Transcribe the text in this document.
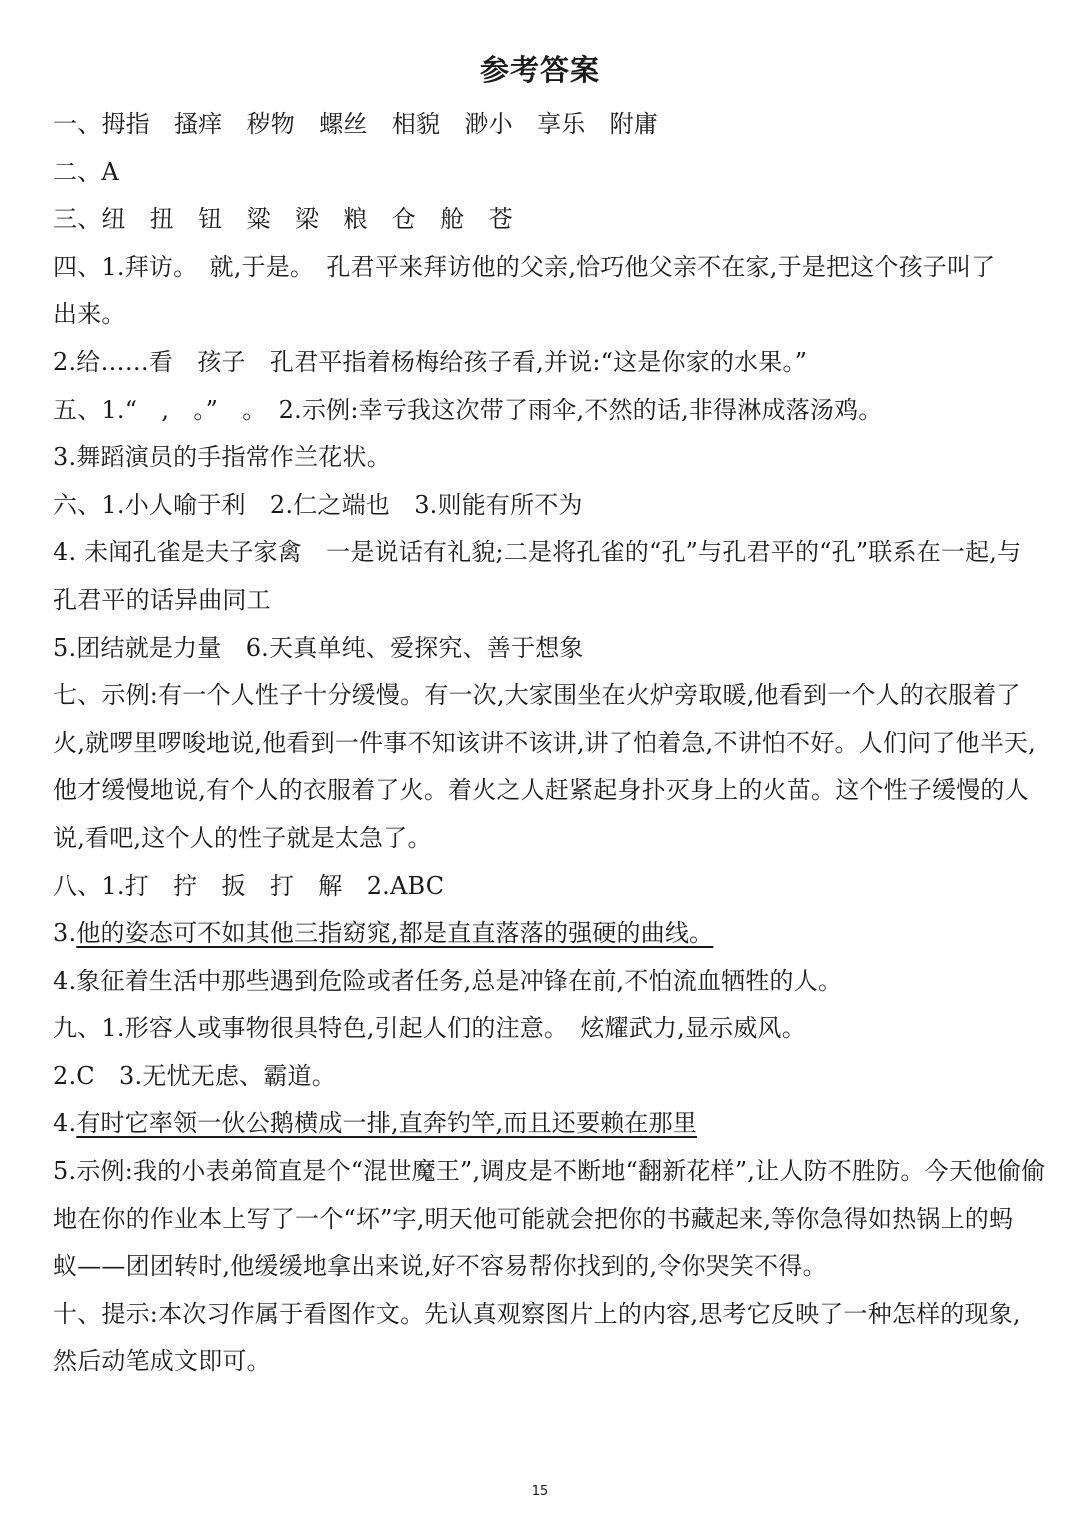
参考答案
一、拇指　搔痒　秽物　螺丝　相貌　渺小　享乐　附庸
二、A
三、纽　扭　钮　粱　梁　粮　仓　舱　苍
四、1.拜访。　就,于是。　孔君平来拜访他的父亲,恰巧他父亲不在家,于是把这个孩子叫了
出来。
2.给……看　孩子　孔君平指着杨梅给孩子看,并说:“这是你家的水果。”
五、1.“　,　。”　。　2.示例:幸亏我这次带了雨伞,不然的话,非得淋成落汤鸡。
3.舞蹈演员的手指常作兰花状。
六、1.小人喻于利　2.仁之端也　3.则能有所不为
4. 未闻孔雀是夫子家禽　一是说话有礼貌;二是将孔雀的“孔”与孔君平的“孔”联系在一起,与
孔君平的话异曲同工
5.团结就是力量　6.天真单纯、爱探究、善于想象
七、示例:有一个人性子十分缓慢。有一次,大家围坐在火炉旁取暖,他看到一个人的衣服着了
火,就啰里啰唆地说,他看到一件事不知该讲不该讲,讲了怕着急,不讲怕不好。人们问了他半天,
他才缓慢地说,有个人的衣服着了火。着火之人赶紧起身扑灭身上的火苗。这个性子缓慢的人
说,看吧,这个人的性子就是太急了。
八、1.打　拧　扳　打　解　2.ABC
3.他的姿态可不如其他三指窈窕,都是直直落落的强硬的曲线。
4.象征着生活中那些遇到危险或者任务,总是冲锋在前,不怕流血牺牲的人。
九、1.形容人或事物很具特色,引起人们的注意。　炫耀武力,显示威风。
2.C　3.无忧无虑、霸道。
4.有时它率领一伙公鹅横成一排,直奔钓竿,而且还要赖在那里
5.示例:我的小表弟简直是个“混世魔王”,调皮是不断地“翻新花样”,让人防不胜防。今天他偷偷
地在你的作业本上写了一个“坏”字,明天他可能就会把你的书藏起来,等你急得如热锅上的蚂
蚁——团团转时,他缓缓地拿出来说,好不容易帮你找到的,令你哭笑不得。
十、提示:本次习作属于看图作文。先认真观察图片上的内容,思考它反映了一种怎样的现象,
然后动笔成文即可。
15
